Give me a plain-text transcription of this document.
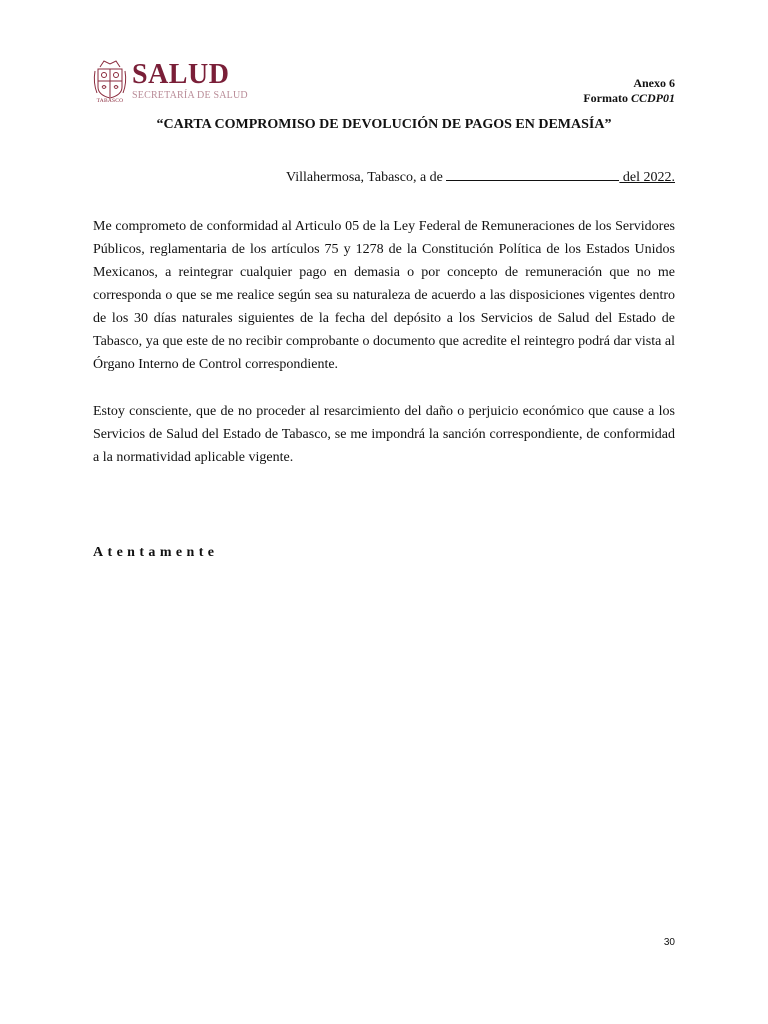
TABASCO
SALUD
SECRETARÍA DE SALUD
Anexo 6
Formato CCDP01
“CARTA COMPROMISO DE DEVOLUCIÓN DE PAGOS EN DEMASÍA”
Villahermosa, Tabasco, a de	del 2022.

Me comprometo de conformidad al Articulo 05 de la Ley Federal de Remuneraciones de los Servidores Públicos, reglamentaria de los artículos 75 y 1278 de la Constitución Política de los Estados Unidos Mexicanos, a reintegrar cualquier pago en demasia o por concepto de remuneración que no me corresponda o que se me realice según sea su naturaleza de acuerdo a las disposiciones vigentes dentro de los 30 días naturales siguientes de la fecha del depósito a los Servicios de Salud del Estado de Tabasco, ya que este de no recibir comprobante o documento que acredite el reintegro podrá dar vista al Órgano Interno de Control correspondiente.

Estoy consciente, que de no proceder al resarcimiento del daño o perjuicio económico que cause a los Servicios de Salud del Estado de Tabasco, se me impondrá la sanción correspondiente, de conformidad a la normatividad aplicable vigente.

Atentamente
30
